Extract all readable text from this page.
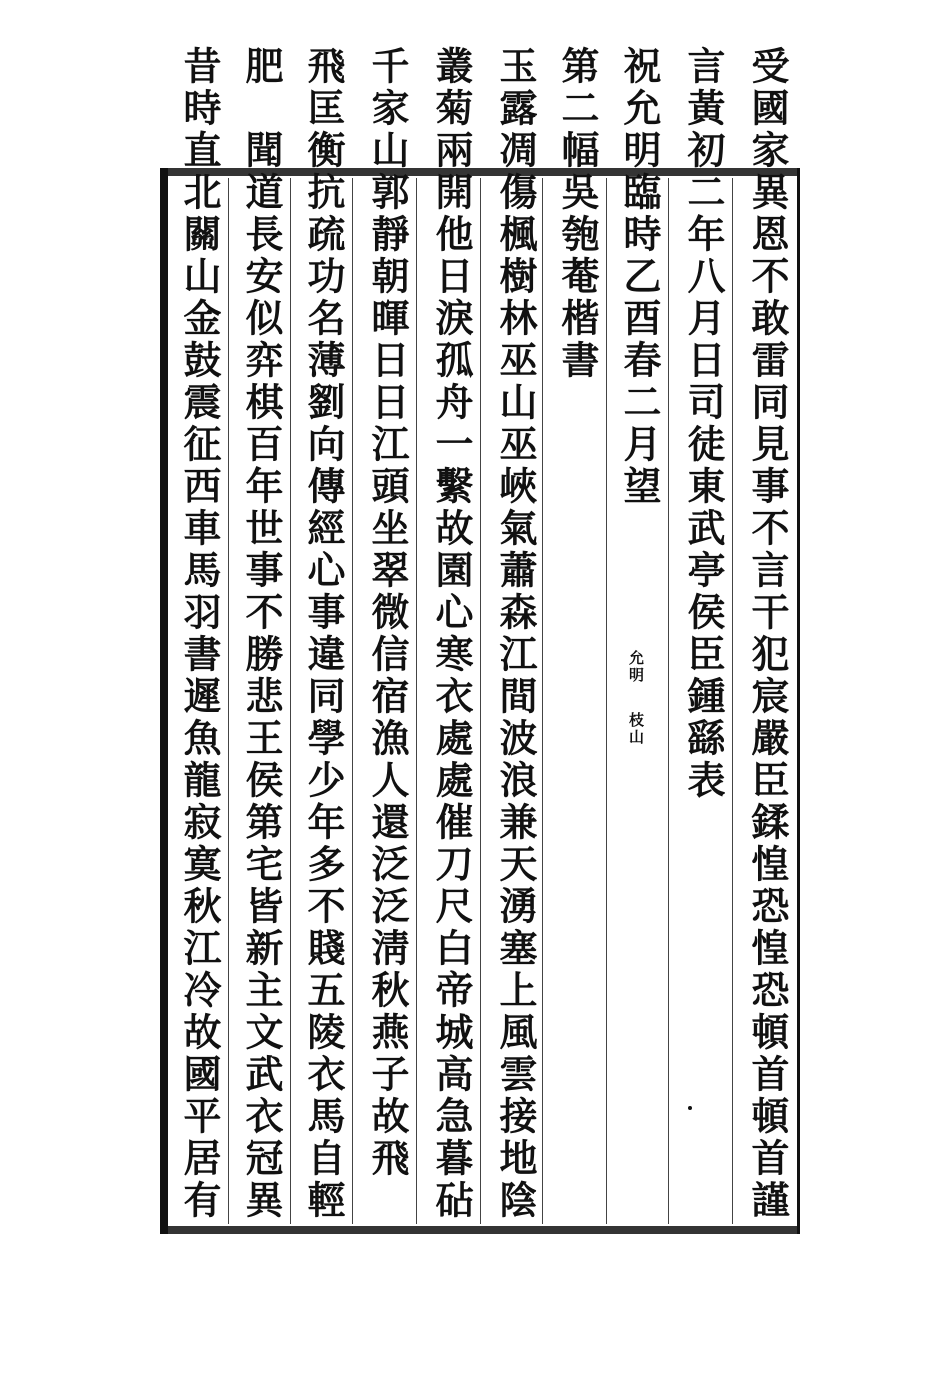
受國家異恩不敢雷同見事不言干犯宸嚴臣鍒惶恐惶恐頓首頓首謹
言黃初二年八月日司徒東武亭侯臣鍾繇表
祝允明臨時乙酉春二月望
允明
枝山
第二幅吳匏菴楷書
玉露凋傷楓樹林巫山巫峽氣蕭森江間波浪兼天湧塞上風雲接地陰
叢菊兩開他日淚孤舟一繫故園心寒衣處處催刀尺白帝城高急暮砧
千家山郭靜朝暉日日江頭坐翠微信宿漁人還泛泛淸秋燕子故飛
飛匡衡抗疏功名薄劉向傳經心事違同學少年多不賤五陵衣馬自輕
肥　聞道長安似弈棋百年世事不勝悲王侯第宅皆新主文武衣冠異
昔時直北關山金鼓震征西車馬羽書遲魚龍寂寞秋江冷故國平居有
